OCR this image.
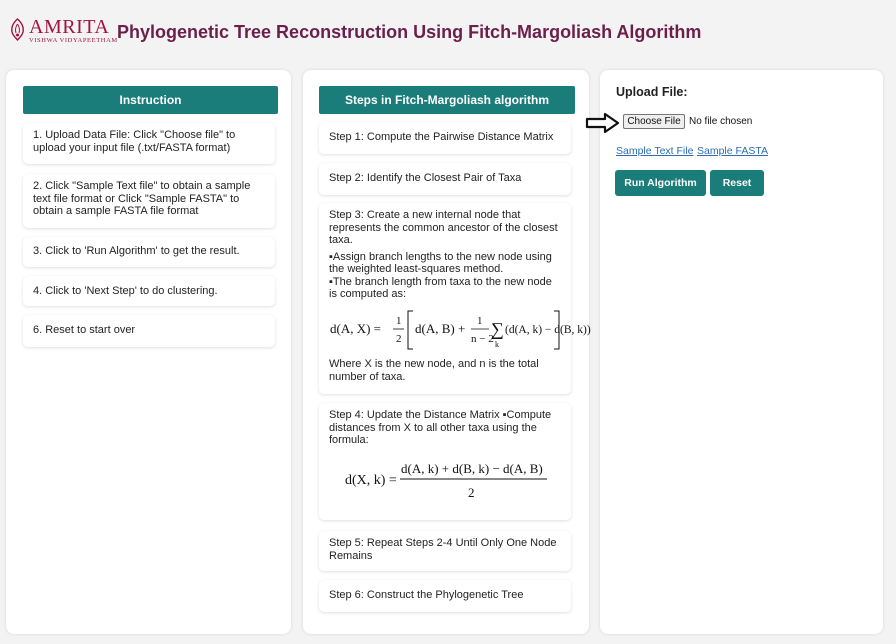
AMRITA
VISHWA VIDYAPEETHAM Phylogenetic Tree Reconstruction Using Fitch-Margoliash Algorithm
Instruction

1. Upload Data File: Click "Choose file" to upload your input file (.txt/FASTA format)

2. Click "Sample Text file" to obtain a sample text file format or Click "Sample FASTA" to obtain a sample FASTA file format

3. Click to 'Run Algorithm' to get the result.

4. Click to 'Next Step' to do clustering.

6. Reset to start over

Steps in Fitch-Margoliash algorithm

Step 1: Compute the Pairwise Distance Matrix

Step 2: Identify the Closest Pair of Taxa

Step 3: Create a new internal node that represents the common ancestor of the closest taxa.

▪Assign branch lengths to the new node using the weighted least-squares method.

▪The branch length from taxa to the new node is computed as:

d(A, X) = 1
2
d(A, B) + 1
n − 2
∑
k
(d(A, k) − d(B, k))

Where X is the new node, and n is the total number of taxa.

Step 4: Update the Distance Matrix ▪Compute distances from X to all other taxa using the formula:

d(X, k) =
d(A, k) + d(B, k) − d(A, B)
2

Step 5: Repeat Steps 2-4 Until Only One Node Remains

Step 6: Construct the Phylogenetic Tree

Upload File:
Choose File No file chosen
Sample Text File Sample FASTA
Run Algorithm	Reset
